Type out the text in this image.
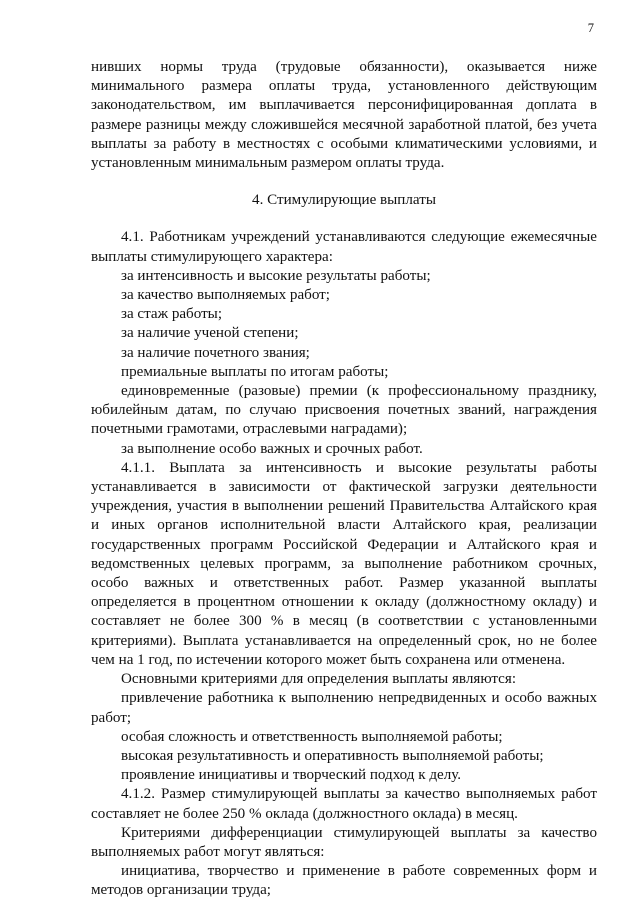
7

нивших нормы труда (трудовые обязанности), оказывается ниже минимального размера оплаты труда, установленного действующим законодательством, им выплачивается персонифицированная доплата в размере разницы между сложившейся месячной заработной платой, без учета выплаты за работу в местностях с особыми климатическими условиями, и установленным минимальным размером оплаты труда.

4. Стимулирующие выплаты

4.1. Работникам учреждений устанавливаются следующие ежемесячные выплаты стимулирующего характера:

за интенсивность и высокие результаты работы;

за качество выполняемых работ;

за стаж работы;

за наличие ученой степени;

за наличие почетного звания;

премиальные выплаты по итогам работы;

единовременные (разовые) премии (к профессиональному празднику, юбилейным датам, по случаю присвоения почетных званий, награждения почетными грамотами, отраслевыми наградами);

за выполнение особо важных и срочных работ.

4.1.1. Выплата за интенсивность и высокие результаты работы устанавливается в зависимости от фактической загрузки деятельности учреждения, участия в выполнении решений Правительства Алтайского края и иных органов исполнительной власти Алтайского края, реализации государственных программ Российской Федерации и Алтайского края и ведомственных целевых программ, за выполнение работником срочных, особо важных и ответственных работ. Размер указанной выплаты определяется в процентном отношении к окладу (должностному окладу) и составляет не более 300 % в месяц (в соответствии с установленными критериями). Выплата устанавливается на определенный срок, но не более чем на 1 год, по истечении которого может быть сохранена или отменена.

Основными критериями для определения выплаты являются:

привлечение работника к выполнению непредвиденных и особо важных работ;

особая сложность и ответственность выполняемой работы;

высокая результативность и оперативность выполняемой работы;

проявление инициативы и творческий подход к делу.

4.1.2. Размер стимулирующей выплаты за качество выполняемых работ составляет не более 250 % оклада (должностного оклада) в месяц.

Критериями дифференциации стимулирующей выплаты за качество выполняемых работ могут являться:

инициатива, творчество и применение в работе современных форм и методов организации труда;
